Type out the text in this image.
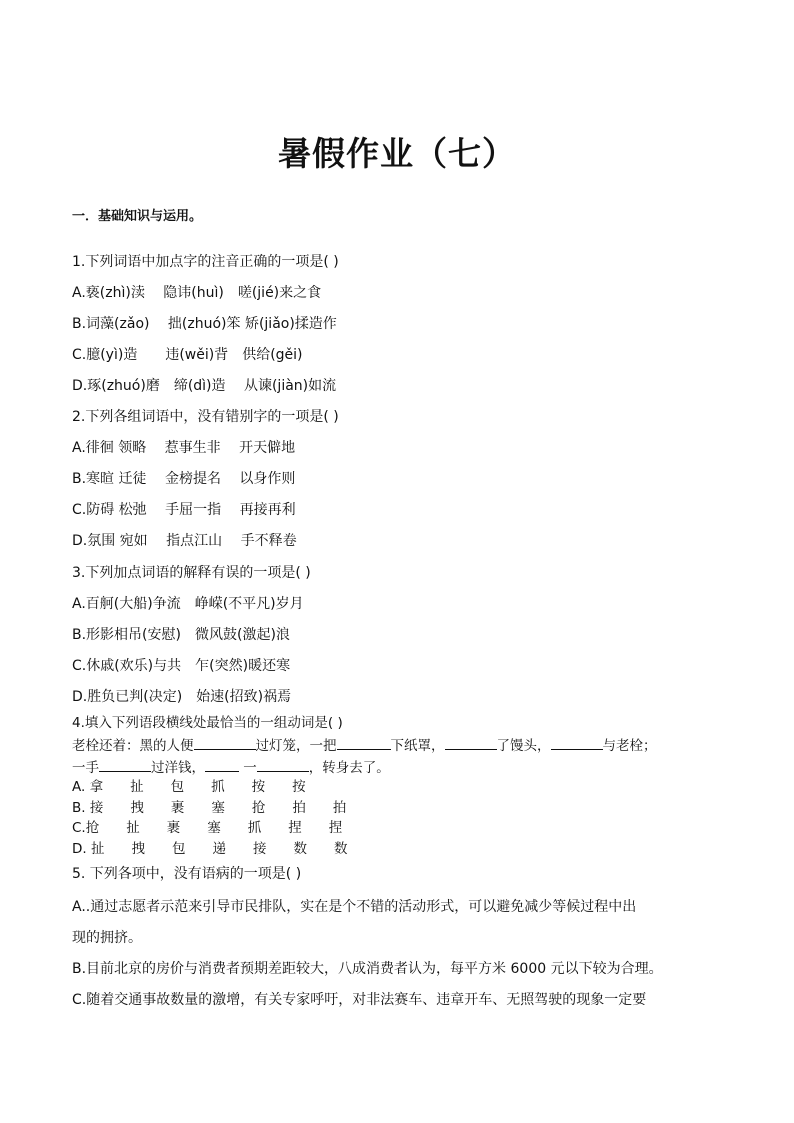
暑假作业（七）
一．基础知识与运用。
1.下列词语中加点字的注音正确的一项是( )
A.亵(zhì)渎　 隐讳(huì)　嗟(jié)来之食
B.词藻(zǎo)　 拙(zhuó)笨 矫(jiǎo)揉造作
C.臆(yì)造　　违(wěi)背　供给(gěi)
D.琢(zhuó)磨　缔(dì)造　 从谏(jiàn)如流
2.下列各组词语中，没有错别字的一项是( )
A.徘徊 领略　 惹事生非　 开天僻地
B.寒暄 迁徒　 金榜提名　 以身作则
C.防碍 松弛　 手屈一指　 再接再利
D.氛围 宛如　 指点江山　 手不释卷
3.下列加点词语的解释有误的一项是( )
A.百舸(大船)争流　峥嵘(不平凡)岁月
B.形影相吊(安慰)　微风鼓(激起)浪
C.休戚(欢乐)与共　乍(突然)暖还寒
D.胜负已判(决定)　始速(招致)祸焉
4.填入下列语段横线处最恰当的一组动词是( )
老栓还着：黑的人便	过灯笼，一把	下纸罩，	了馒头，	与老栓；
一手	过洋钱，	一	，转身去了。
A. 拿　　扯　　包　　抓　　按　　按
B. 接　　拽　　裹　　塞　　抢　　拍　　拍
C.抢　　扯　　裹　　塞　　抓　　捏　　捏
D. 扯　　拽　　包　　递　　接　　数　　数
5. 下列各项中，没有语病的一项是( )
A..通过志愿者示范来引导市民排队，实在是个不错的活动形式，可以避免减少等候过程中出
现的拥挤。
B.目前北京的房价与消费者预期差距较大，八成消费者认为，每平方米 6000 元以下较为合理。
C.随着交通事故数量的激增，有关专家呼吁，对非法赛车、违章开车、无照驾驶的现象一定要
